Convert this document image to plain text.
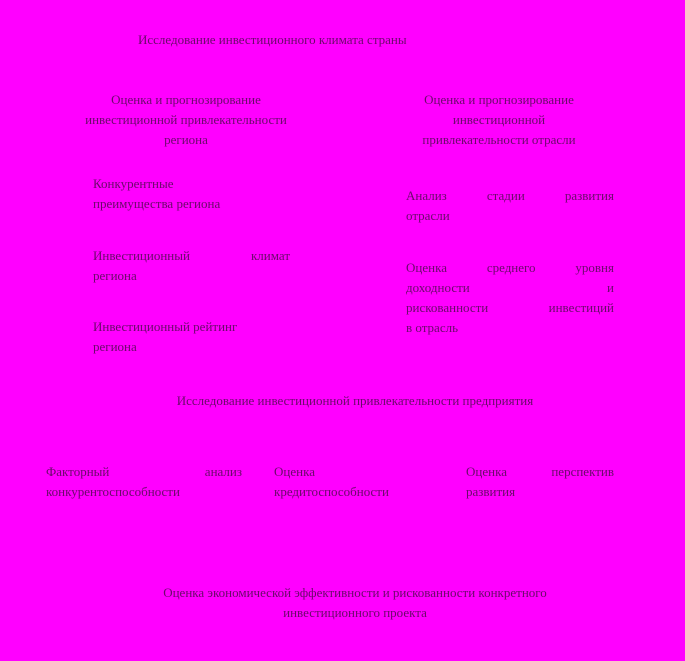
Исследование инвестиционного климата страны
Оценка и прогнозирование
инвестиционной привлекательности
региона
Оценка и прогнозирование
инвестиционной
привлекательности отрасли
Конкурентные
преимущества региона
Инвестиционный	климат
региона
Инвестиционный рейтинг
региона
Анализ	стадии	развития
отрасли
Оценка	среднего	уровня
доходности	и
рискованности	инвестиций
в отрасль
Исследование инвестиционной привлекательности предприятия
Факторный	анализ
конкурентоспособности
Оценка
кредитоспособности
Оценка	перспектив
развития
Оценка экономической эффективности и рискованности конкретного
инвестиционного проекта
